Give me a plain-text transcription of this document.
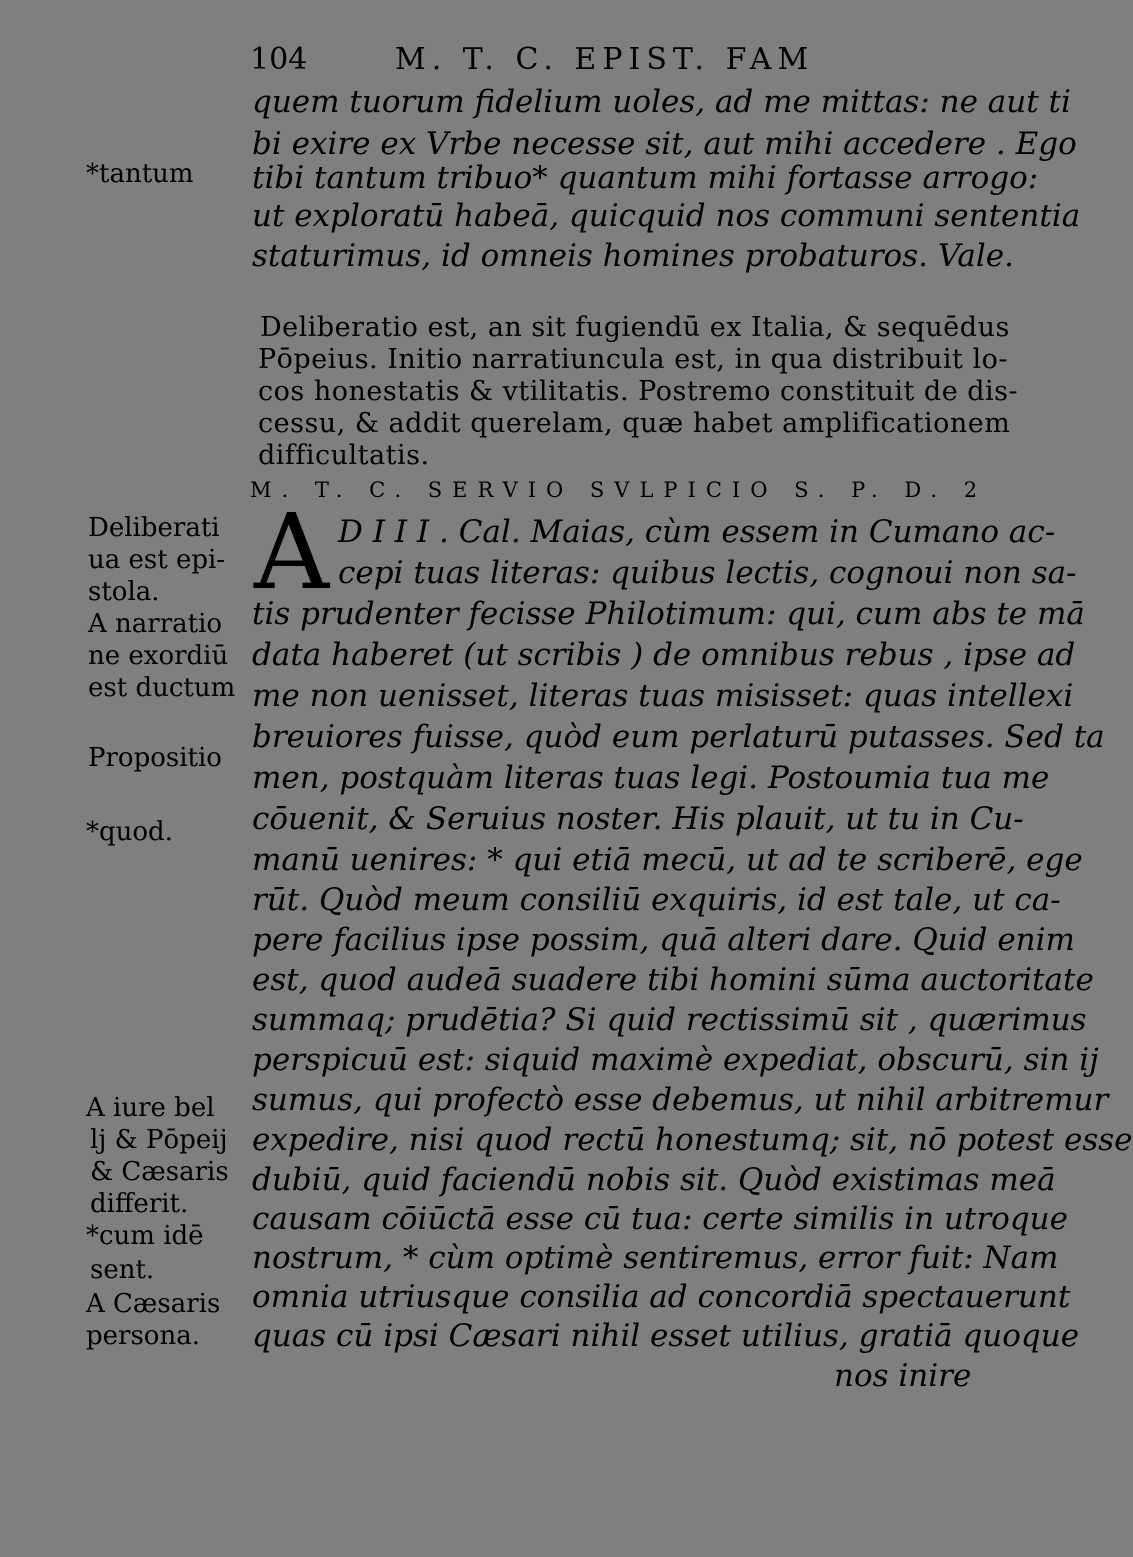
104	M. T. C. EPIST. FAM
quem tuorum fidelium uoles, ad me mittas: ne aut ti
bi exire ex Vrbe necesse sit, aut mihi accedere . Ego
tibi tantum tribuo* quantum mihi fortasse arrogo:
ut exploratū habeā, quicquid nos communi sententia
staturimus, id omneis homines probaturos. Vale.
Deliberatio est, an sit fugiendū ex Italia, & sequēdus
Pōpeius. Initio narratiuncula est, in qua distribuit lo-
cos honestatis & vtilitatis. Postremo constituit de dis-
cessu, & addit querelam, quæ habet amplificationem
difficultatis.
M. T. C. SERVIO SVLPICIO S. P. D. 2
A D I I I . Cal. Maias, cùm essem in Cumano ac-
cepi tuas literas: quibus lectis, cognoui non sa-
tis prudenter fecisse Philotimum: qui, cum abs te mā
data haberet (ut scribis ) de omnibus rebus , ipse ad
me non uenisset, literas tuas misisset: quas intellexi
breuiores fuisse, quòd eum perlaturū putasses. Sed ta
men, postquàm literas tuas legi. Postoumia tua me
cōuenit, & Seruius noster. His plauit, ut tu in Cu-
manū uenires: * qui etiā mecū, ut ad te scriberē, ege
rūt. Quòd meum consiliū exquiris, id est tale, ut ca-
pere facilius ipse possim, quā alteri dare. Quid enim
est, quod audeā suadere tibi homini sūma auctoritate
summaq; prudētia? Si quid rectissimū sit , quærimus
perspicuū est: siquid maximè expediat, obscurū, sin ij
sumus, qui profectò esse debemus, ut nihil arbitremur
expedire, nisi quod rectū honestumq; sit, nō potest esse
dubiū, quid faciendū nobis sit. Quòd existimas meā
causam cōiūctā esse cū tua: certe similis in utroque
nostrum, * cùm optimè sentiremus, error fuit: Nam
omnia utriusque consilia ad concordiā spectauerunt
quas cū ipsi Cæsari nihil esset utilius, gratiā quoque
nos inire
*tantum
Deliberati
ua est epi-
stola.
A narratio
ne exordiū
est ductum
Propositio
*quod.
A iure bel
lj & Pōpeij
& Cæsaris
differit.
*cum idē
sent.
A Cæsaris
persona.
